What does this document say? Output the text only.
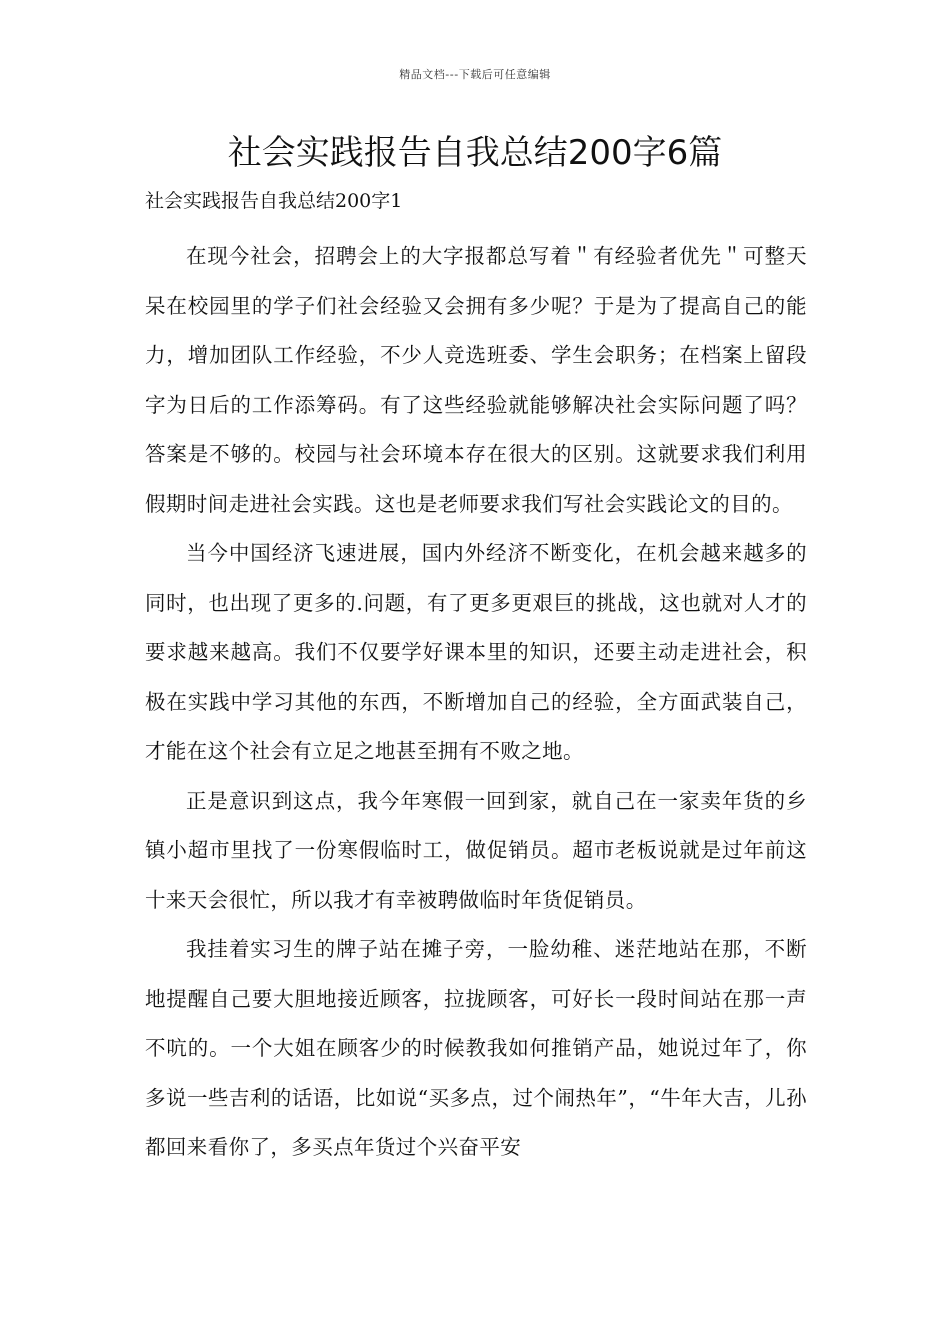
精品文档---下载后可任意编辑
社会实践报告自我总结200字6篇

社会实践报告自我总结200字1

在现今社会，招聘会上的大字报都总写着＂有经验者优先＂可整天呆在校园里的学子们社会经验又会拥有多少呢？于是为了提高自己的能力，增加团队工作经验，不少人竞选班委、学生会职务；在档案上留段字为日后的工作添筹码。有了这些经验就能够解决社会实际问题了吗？答案是不够的。校园与社会环境本存在很大的区别。这就要求我们利用假期时间走进社会实践。这也是老师要求我们写社会实践论文的目的。

当今中国经济飞速进展，国内外经济不断变化，在机会越来越多的同时，也出现了更多的.问题，有了更多更艰巨的挑战，这也就对人才的要求越来越高。我们不仅要学好课本里的知识，还要主动走进社会，积极在实践中学习其他的东西，不断增加自己的经验，全方面武装自己，才能在这个社会有立足之地甚至拥有不败之地。

正是意识到这点，我今年寒假一回到家，就自己在一家卖年货的乡镇小超市里找了一份寒假临时工，做促销员。超市老板说就是过年前这十来天会很忙，所以我才有幸被聘做临时年货促销员。

我挂着实习生的牌子站在摊子旁，一脸幼稚、迷茫地站在那，不断地提醒自己要大胆地接近顾客，拉拢顾客，可好长一段时间站在那一声不吭的。一个大姐在顾客少的时候教我如何推销产品，她说过年了，你多说一些吉利的话语，比如说“买多点，过个闹热年”，“牛年大吉，儿孙都回来看你了，多买点年货过个兴奋平安
